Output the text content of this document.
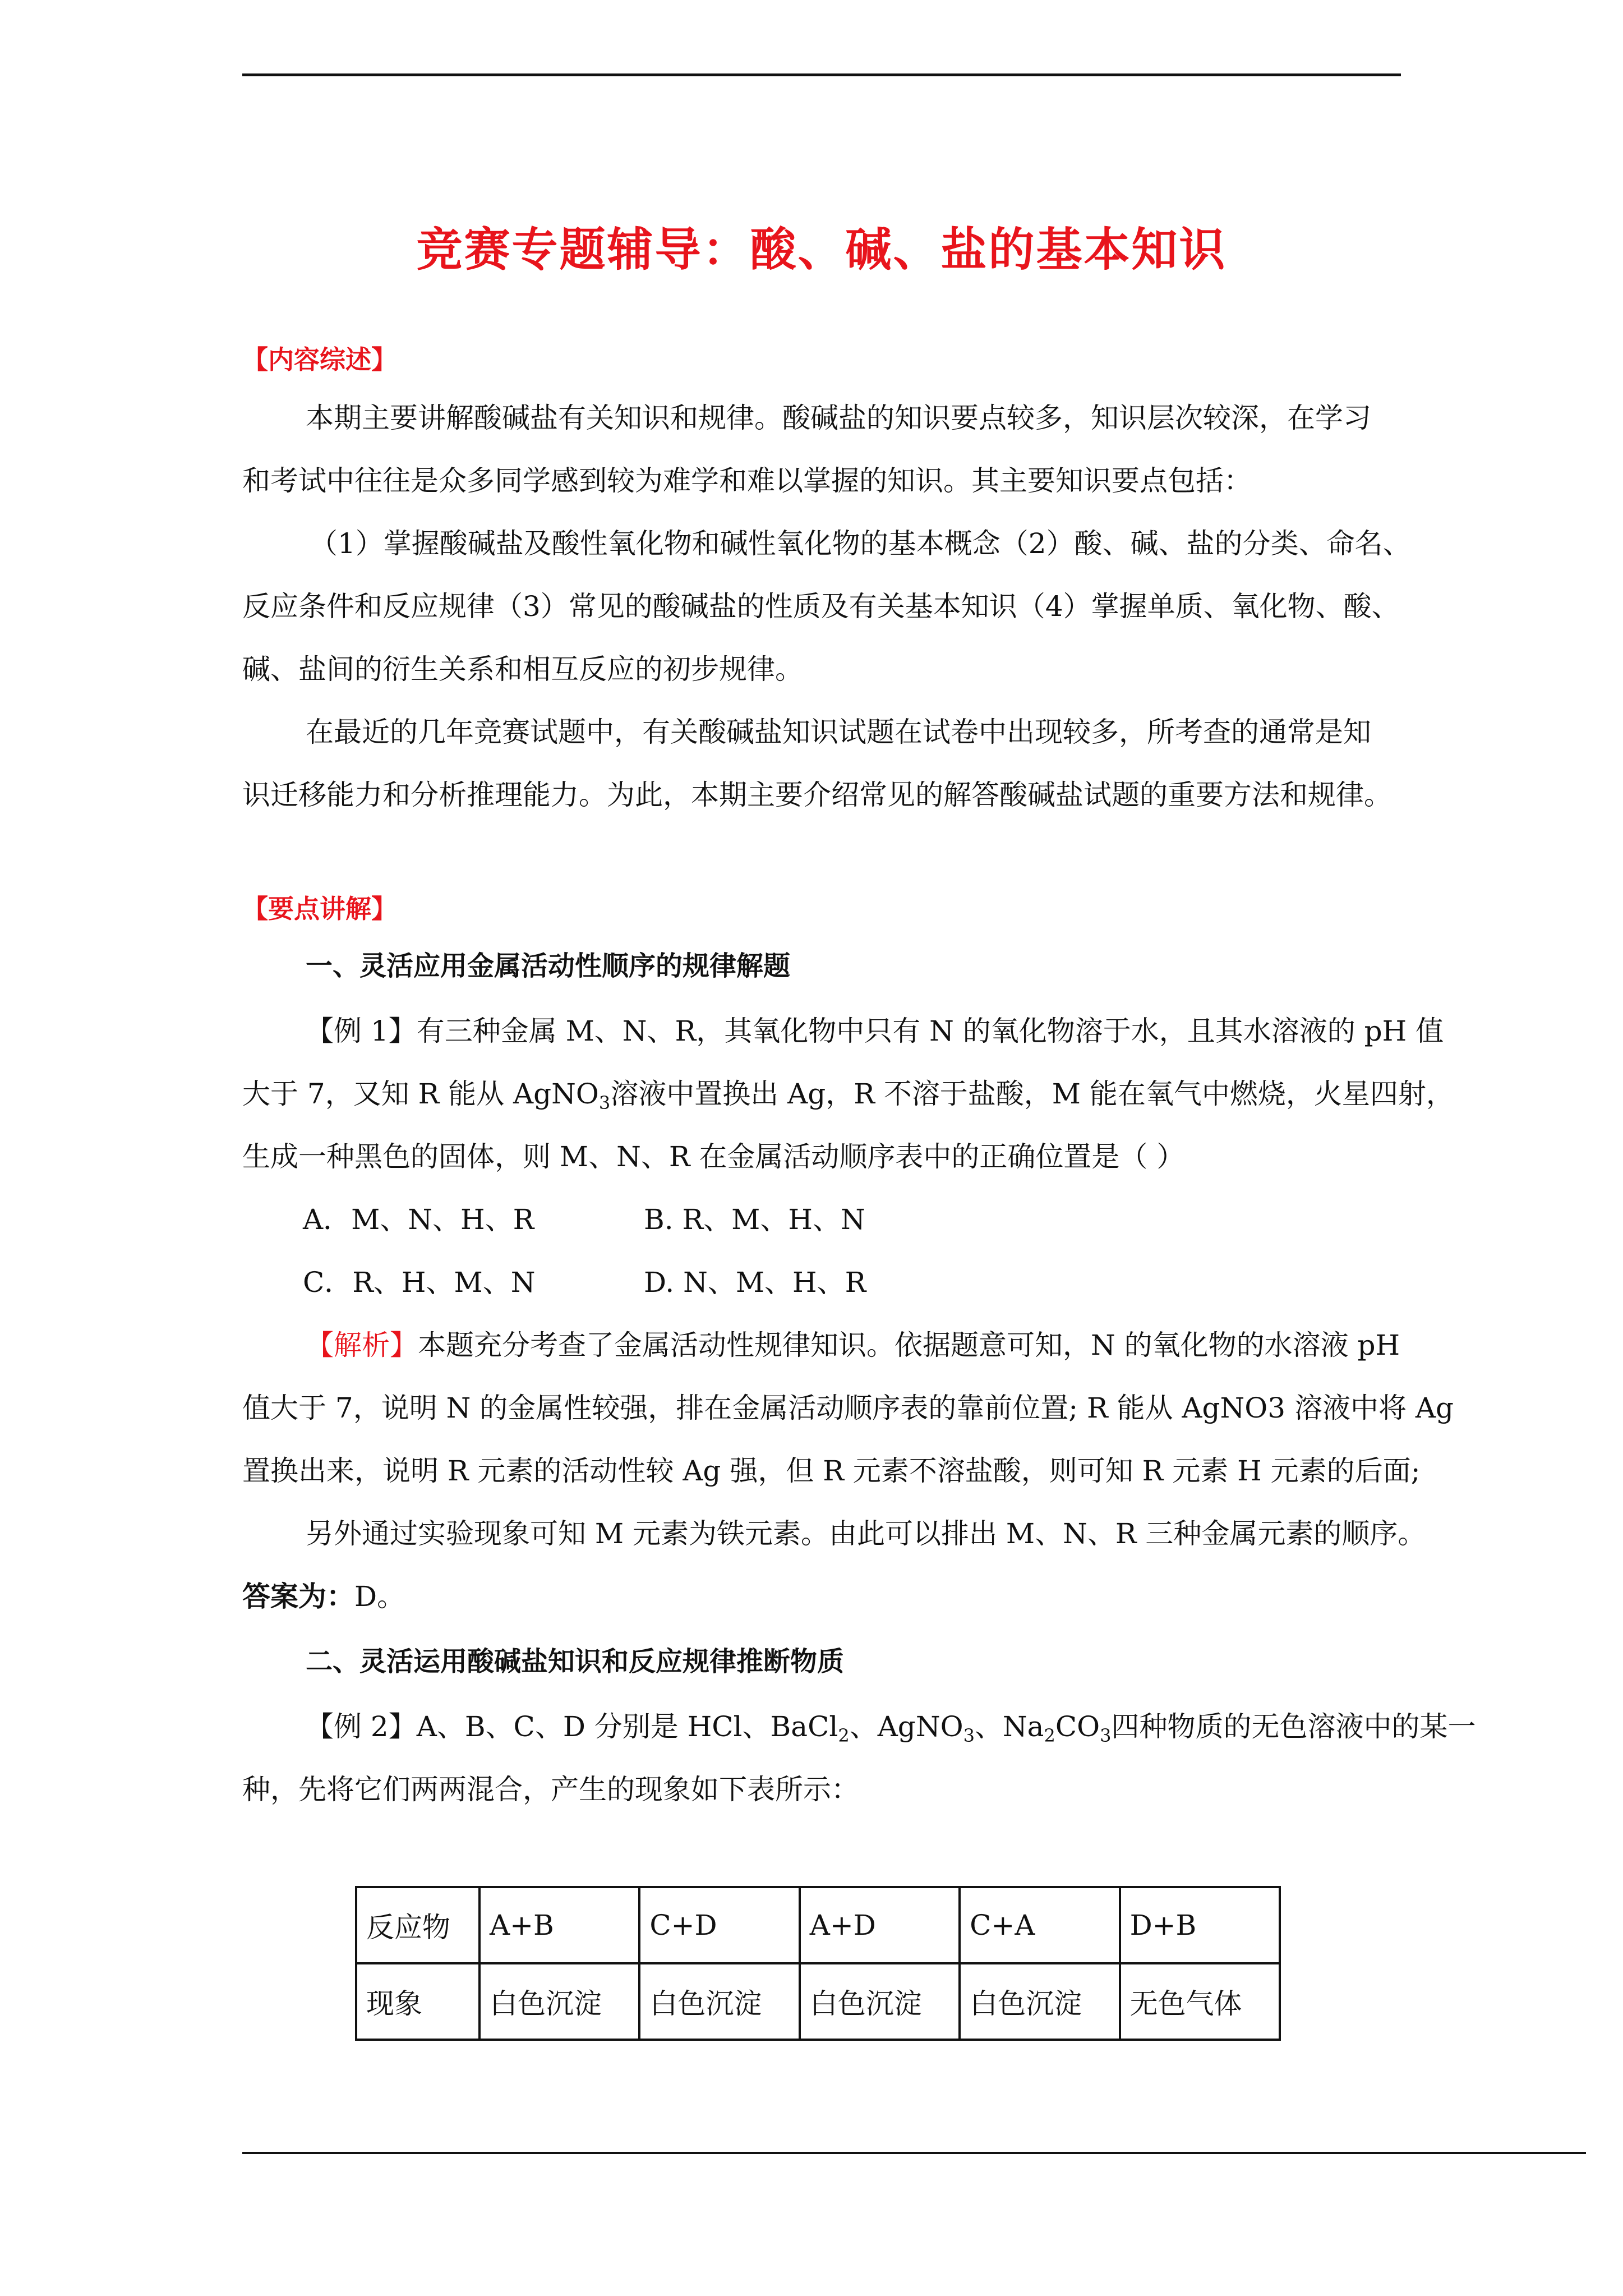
竞赛专题辅导：酸、碱、盐的基本知识
【内容综述】
本期主要讲解酸碱盐有关知识和规律。酸碱盐的知识要点较多，知识层次较深，在学习
和考试中往往是众多同学感到较为难学和难以掌握的知识。其主要知识要点包括：
（1）掌握酸碱盐及酸性氧化物和碱性氧化物的基本概念（2）酸、碱、盐的分类、命名、
反应条件和反应规律（3）常见的酸碱盐的性质及有关基本知识（4）掌握单质、氧化物、酸、
碱、盐间的衍生关系和相互反应的初步规律。
在最近的几年竞赛试题中，有关酸碱盐知识试题在试卷中出现较多，所考查的通常是知
识迁移能力和分析推理能力。为此，本期主要介绍常见的解答酸碱盐试题的重要方法和规律。
【要点讲解】
一、灵活应用金属活动性顺序的规律解题
【例 1】有三种金属 M、N、R，其氧化物中只有 N 的氧化物溶于水，且其水溶液的 pH 值
大于 7，又知 R 能从 AgNO$_3$溶液中置换出 Ag，R 不溶于盐酸，M 能在氧气中燃烧，火星四射，
生成一种黑色的固体，则 M、N、R 在金属活动顺序表中的正确位置是（ ）
A．M、N、H、R	B. R、M、H、N
C．R、H、M、N	D. N、M、H、R
【解析】本题充分考查了金属活动性规律知识。依据题意可知，N 的氧化物的水溶液 pH
值大于 7，说明 N 的金属性较强，排在金属活动顺序表的靠前位置; R 能从 AgNO3 溶液中将 Ag
置换出来，说明 R 元素的活动性较 Ag 强，但 R 元素不溶盐酸，则可知 R 元素 H 元素的后面;
另外通过实验现象可知 M 元素为铁元素。由此可以排出 M、N、R 三种金属元素的顺序。
答案为：D。
二、灵活运用酸碱盐知识和反应规律推断物质
【例 2】A、B、C、D 分别是 HCl、BaCl$_2$、AgNO$_3$、$Na_2CO_3$四种物质的无色溶液中的某一
种，先将它们两两混合，产生的现象如下表所示：
反应物	A+B	C+D	A+D	C+A	D+B
现象	白色沉淀	白色沉淀	白色沉淀	白色沉淀	无色气体
